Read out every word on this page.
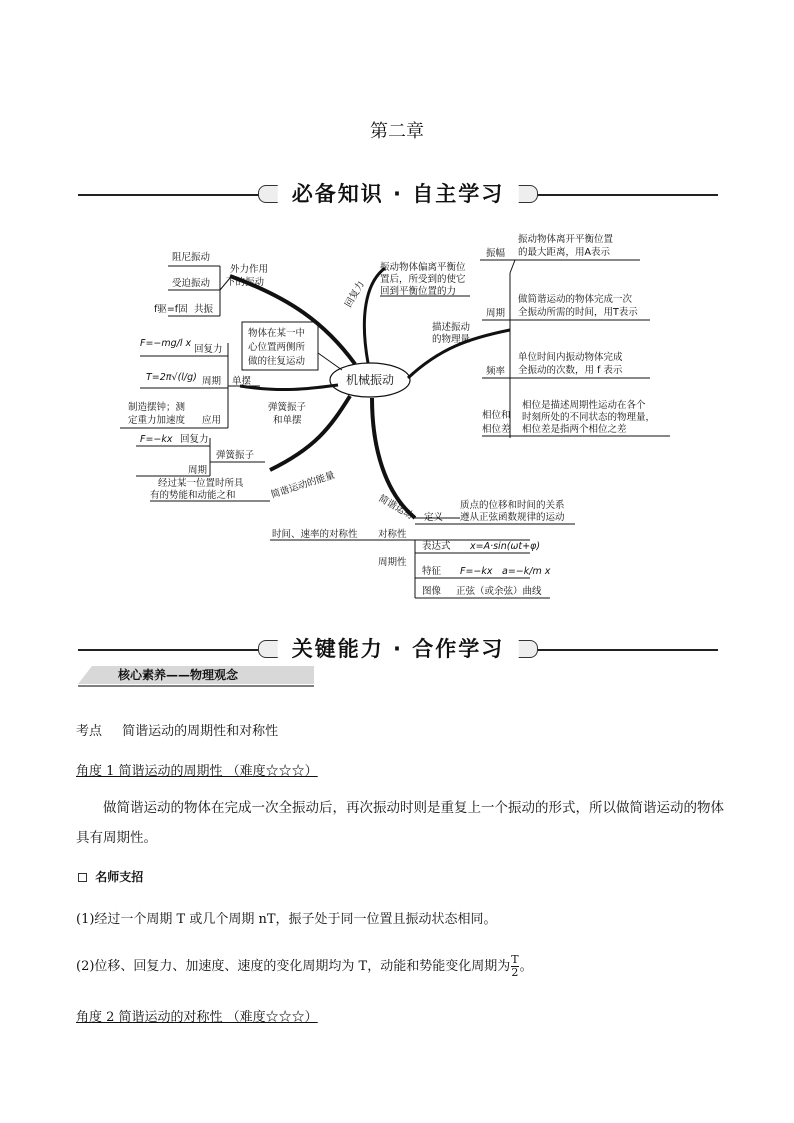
第二章
必备知识 · 自主学习
机械振动
外力作用
下的振动
阻尼振动
受迫振动
f驱=f固 共振
物体在某一中
心位置两侧所
做的往复运动
回复力
振动物体偏离平衡位
置后，所受到的使它
回到平衡位置的力
F=−mg/l x
回复力
T=2π√(l/g) 周期 单摆
制造摆钟；测
定重力加速度 应用
弹簧振子
和单摆
F=−kx 回复力
弹簧振子
周期	简谐运动的能量
经过某一位置时所具
有的势能和动能之和
描述振动
的物理量
振幅
振动物体离开平衡位置
的最大距离，用A表示
周期
做简谐运动的物体完成一次
全振动所需的时间，用T表示
频率
单位时间内振动物体完成
全振动的次数，用 f 表示
相位和
相位差
相位是描述周期性运动在各个
时刻所处的不同状态的物理量，
相位差是指两个相位之差
简谐运动 定义
质点的位移和时间的关系
遵从正弦函数规律的运动
时间、速率的对称性 对称性
周期性
表达式 x=A·sin(ωt+φ)
特征 F=−kx a=−k/m x
图像 正弦（或余弦）曲线
关键能力 · 合作学习
核心素养——物理观念
考点 简谐运动的周期性和对称性
角度 1 简谐运动的周期性 （难度☆☆☆）
做简谐运动的物体在完成一次全振动后，再次振动时则是重复上一个振动的形式，所以做简谐运动的物体具有周期性。
名师支招
(1)经过一个周期 T 或几个周期 nT，振子处于同一位置且振动状态相同。
(2)位移、回复力、加速度、速度的变化周期均为 T，动能和势能变化周期为 $\frac{T}{2}$ 。
角度 2 简谐运动的对称性 （难度☆☆☆）
